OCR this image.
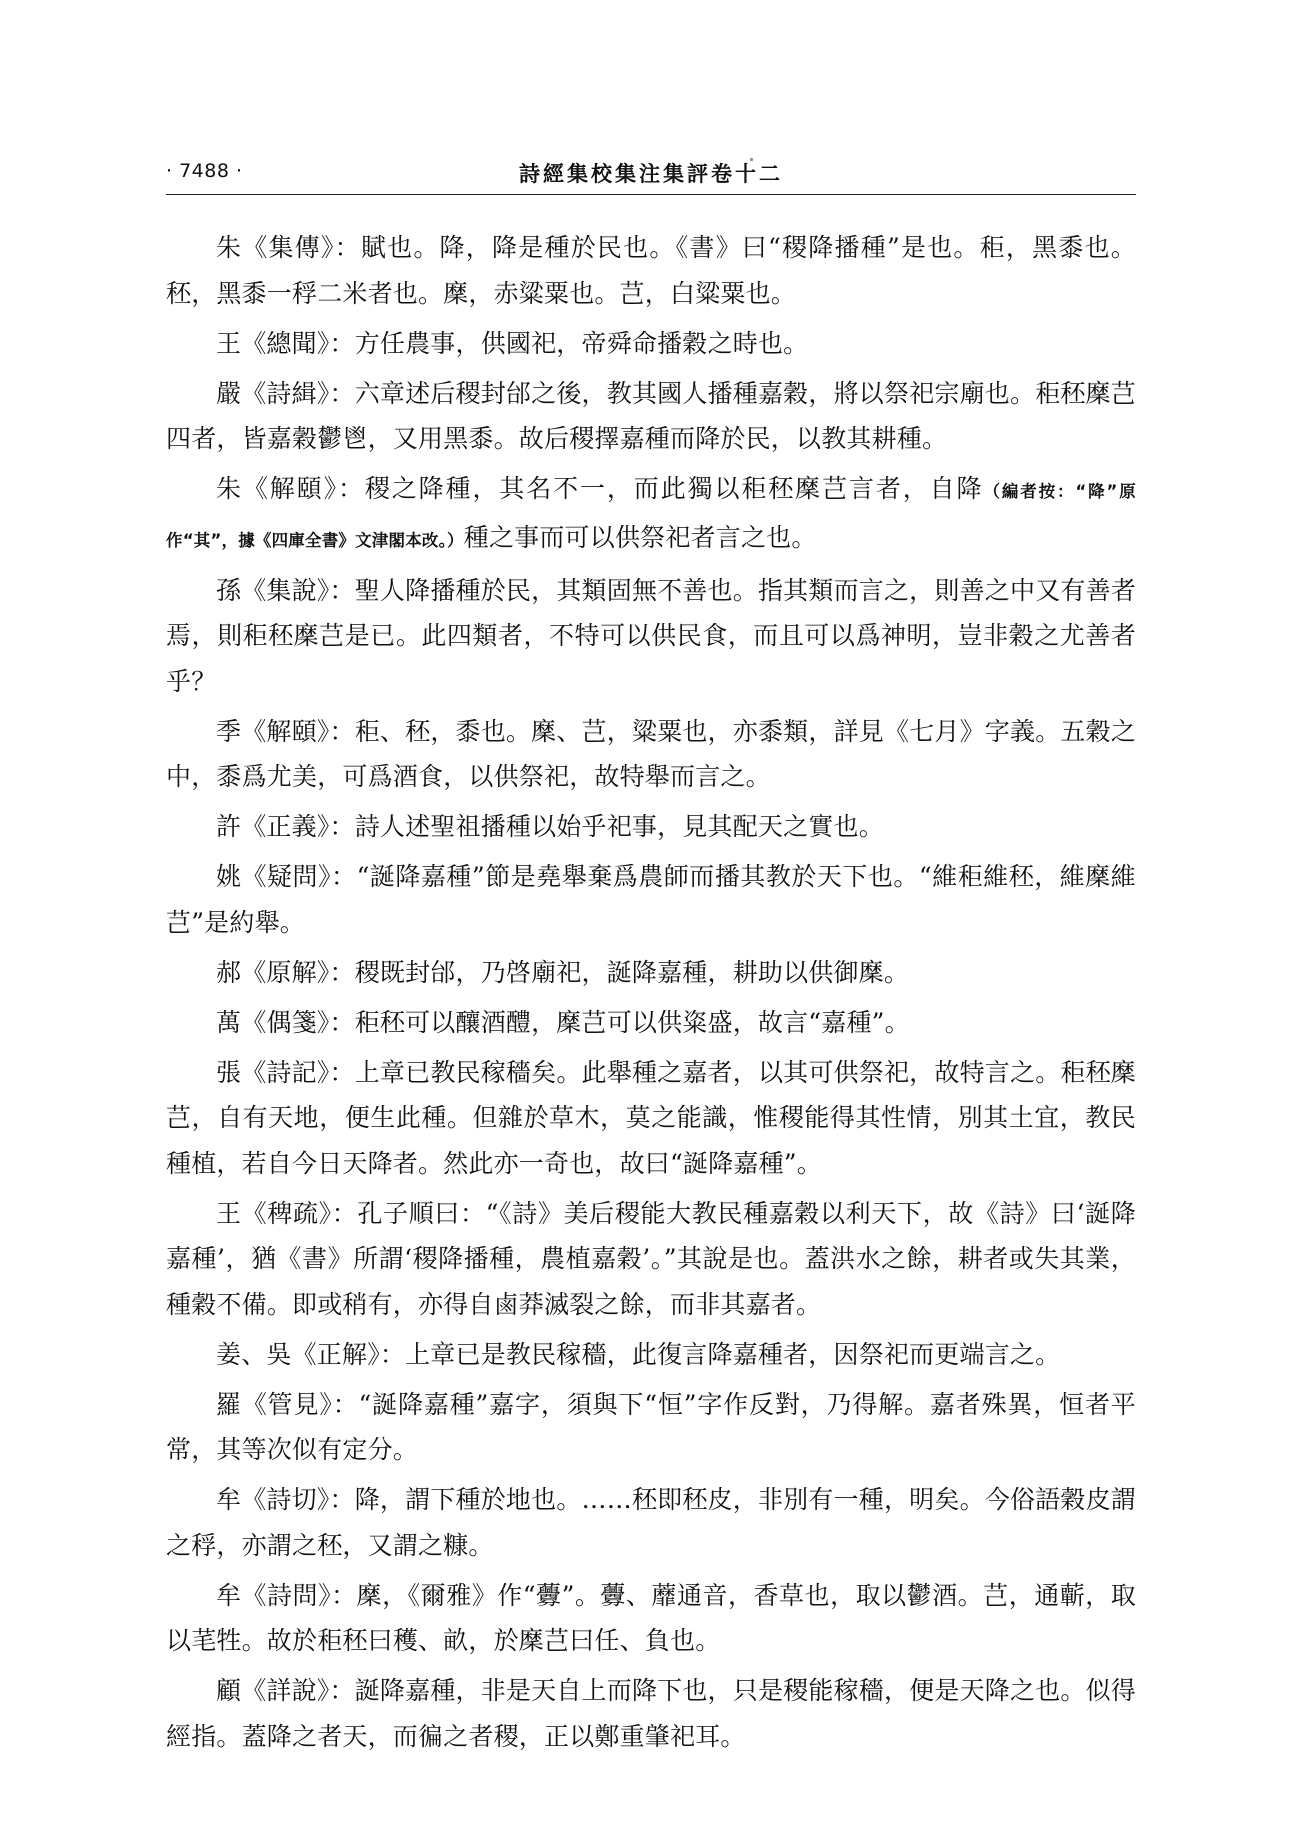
· 7488 ·	詩經集校集注集評卷十二

朱《集傳》：賦也。降，降是種於民也。《書》曰“稷降播種”是也。秬，黑黍也。秠，黑黍一稃二米者也。穈，赤粱粟也。芑，白粱粟也。

王《總聞》：方任農事，供國祀，帝舜命播穀之時也。

嚴《詩緝》：六章述后稷封邰之後，教其國人播種嘉穀，將以祭祀宗廟也。秬秠穈芑四者，皆嘉穀鬱鬯，又用黑黍。故后稷擇嘉種而降於民，以教其耕種。

朱《解頤》：稷之降種，其名不一，而此獨以秬秠穈芑言者，自降（編者按：“降”原作“其”，據《四庫全書》文津閣本改。）種之事而可以供祭祀者言之也。

孫《集說》：聖人降播種於民，其類固無不善也。指其類而言之，則善之中又有善者焉，則秬秠穈芑是已。此四類者，不特可以供民食，而且可以爲神明，豈非穀之尤善者乎？

季《解頤》：秬、秠，黍也。穈、芑，粱粟也，亦黍類，詳見《七月》字義。五穀之中，黍爲尤美，可爲酒食，以供祭祀，故特舉而言之。

許《正義》：詩人述聖祖播種以始乎祀事，見其配天之實也。

姚《疑問》：“誕降嘉種”節是堯舉棄爲農師而播其教於天下也。“維秬維秠，維穈維芑”是約舉。

郝《原解》：稷既封邰，乃啓廟祀，誕降嘉種，耕助以供御穈。

萬《偶箋》：秬秠可以釀酒醴，穈芑可以供粢盛，故言“嘉種”。

張《詩記》：上章已教民稼穡矣。此舉種之嘉者，以其可供祭祀，故特言之。秬秠穈芑，自有天地，便生此種。但雜於草木，莫之能識，惟稷能得其性情，別其土宜，教民種植，若自今日天降者。然此亦一奇也，故曰“誕降嘉種”。

王《稗疏》：孔子順曰：“《詩》美后稷能大教民種嘉穀以利天下，故《詩》曰‘誕降嘉種’，猶《書》所謂‘稷降播種，農植嘉穀’。”其說是也。蓋洪水之餘，耕者或失其業，種穀不備。即或稍有，亦得自鹵莽滅裂之餘，而非其嘉者。

姜、吳《正解》：上章已是教民稼穡，此復言降嘉種者，因祭祀而更端言之。

羅《管見》：“誕降嘉種”嘉字，須與下“恒”字作反對，乃得解。嘉者殊異，恒者平常，其等次似有定分。

牟《詩切》：降，謂下種於地也。……秠即秠皮，非別有一種，明矣。今俗語穀皮謂之稃，亦謂之秠，又謂之糠。

牟《詩問》：穈，《爾雅》作“虋”。虋、蘼通音，香草也，取以鬱酒。芑，通蘄，取以芼牲。故於秬秠曰穫、畝，於穈芑曰任、負也。

顧《詳說》：誕降嘉種，非是天自上而降下也，只是稷能稼穡，便是天降之也。似得經指。蓋降之者天，而徧之者稷，正以鄭重肇祀耳。
